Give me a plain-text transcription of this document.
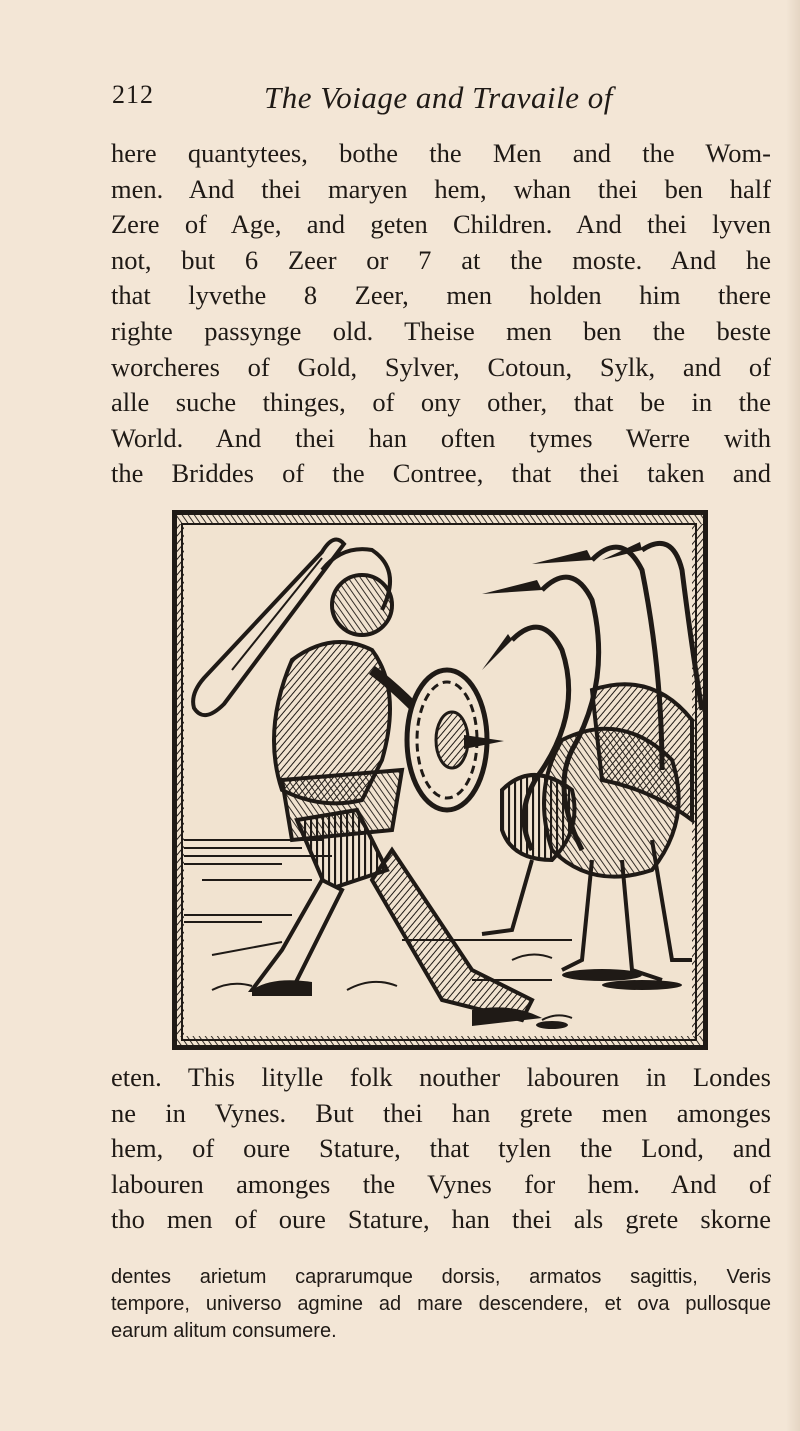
212	The Voiage and Travaile of
here quantytees, bothe the Men and the Wom-
men. And thei maryen hem, whan thei ben half
Zere of Age, and geten Children. And thei lyven
not, but 6 Zeer or 7 at the moste. And he
that lyvethe 8 Zeer, men holden him there
righte passynge old. Theise men ben the beste
worcheres of Gold, Sylver, Cotoun, Sylk, and of
alle suche thinges, of ony other, that be in the
World. And thei han often tymes Werre with
the Briddes of the Contree, that thei taken and
eten. This litylle folk nouther labouren in Londes
ne in Vynes. But thei han grete men amonges
hem, of oure Stature, that tylen the Lond, and
labouren amonges the Vynes for hem. And of
tho men of oure Stature, han thei als grete skorne
dentes arietum caprarumque dorsis, armatos sagittis, Veris
tempore, universo agmine ad mare descendere, et ova pullosque
earum alitum consumere.
